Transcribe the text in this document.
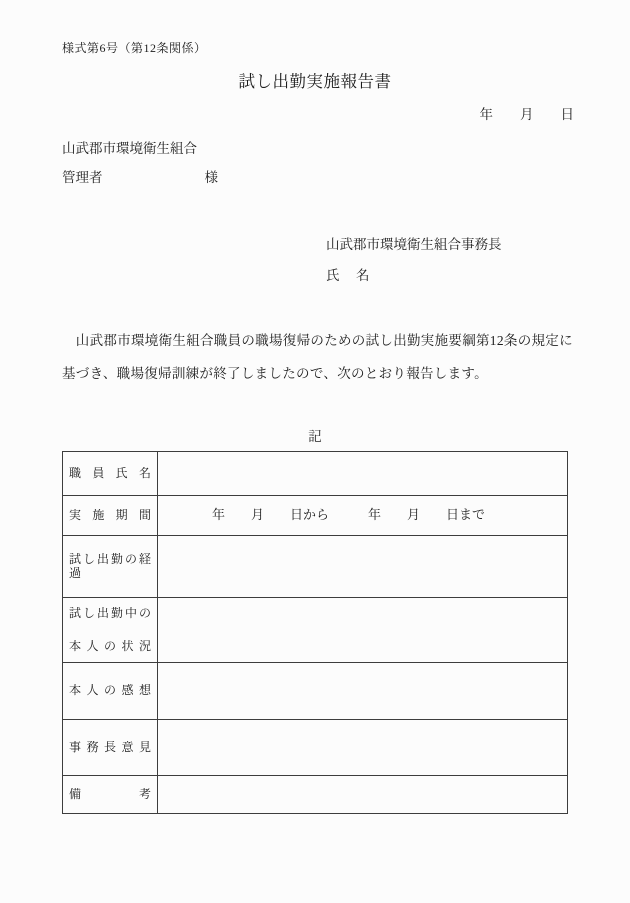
様式第6号（第12条関係）
試し出勤実施報告書
年　　月　　日
山武郡市環境衛生組合
管理者	様
山武郡市環境衛生組合事務長
氏　名
　山武郡市環境衛生組合職員の職場復帰のための試し出勤実施要綱第12条の規定に
基づき、職場復帰訓練が終了しましたので、次のとおり報告します。
記
職員氏名	

実施期間	年　　月　　日から　　　年　　月　　日まで

試し出勤の経過	

試し出勤中の
本人の状況	

本人の感想	

事務長意見	

備考	
